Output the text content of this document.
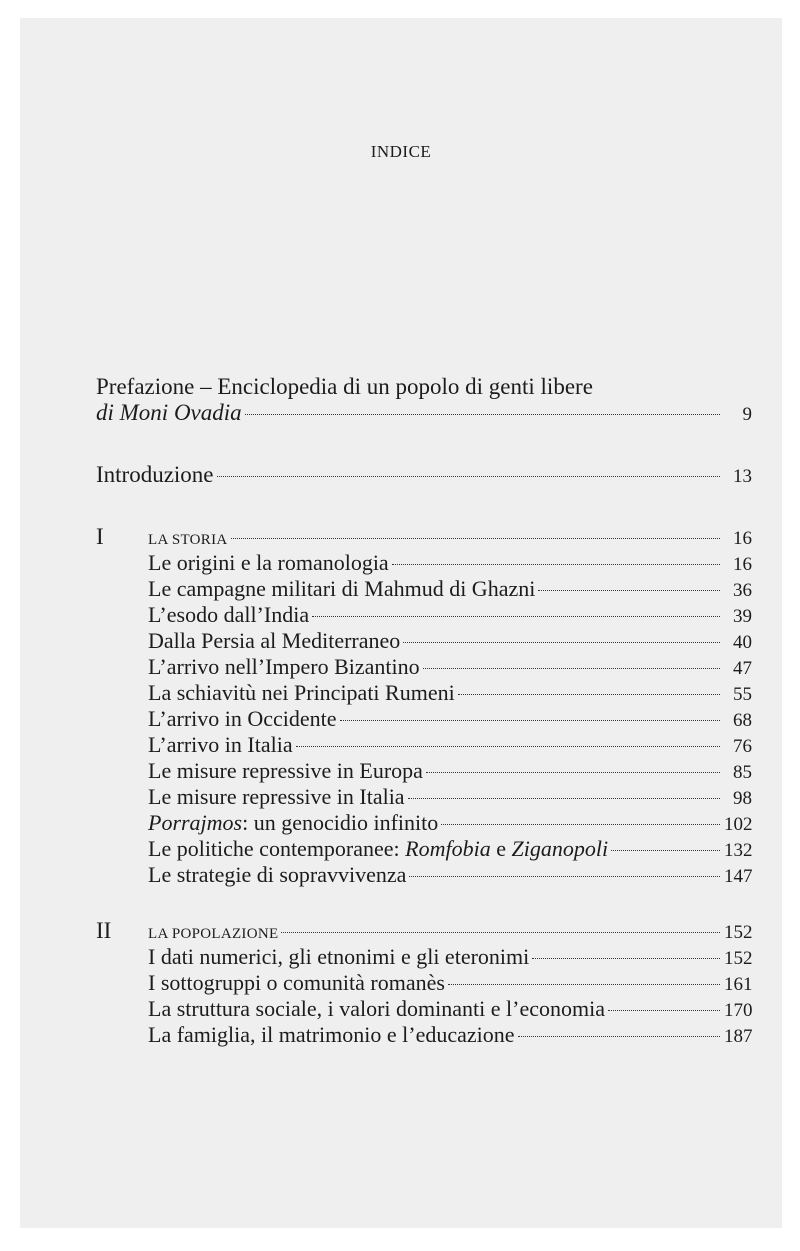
INDICE
Prefazione – Enciclopedia di un popolo di genti libere
di Moni Ovadia	9
Introduzione	13
I	LA STORIA	16
Le origini e la romanologia	16
Le campagne militari di Mahmud di Ghazni	36
L’esodo dall’India	39
Dalla Persia al Mediterraneo	40
L’arrivo nell’Impero Bizantino	47
La schiavitù nei Principati Rumeni	55
L’arrivo in Occidente	68
L’arrivo in Italia	76
Le misure repressive in Europa	85
Le misure repressive in Italia	98
Porrajmos: un genocidio infinito	102
Le politiche contemporanee: Romfobia e Ziganopoli	132
Le strategie di sopravvivenza	147
II	LA POPOLAZIONE	152
I dati numerici, gli etnonimi e gli eteronimi	152
I sottogruppi o comunità romanès	161
La struttura sociale, i valori dominanti e l’economia	170
La famiglia, il matrimonio e l’educazione	187
